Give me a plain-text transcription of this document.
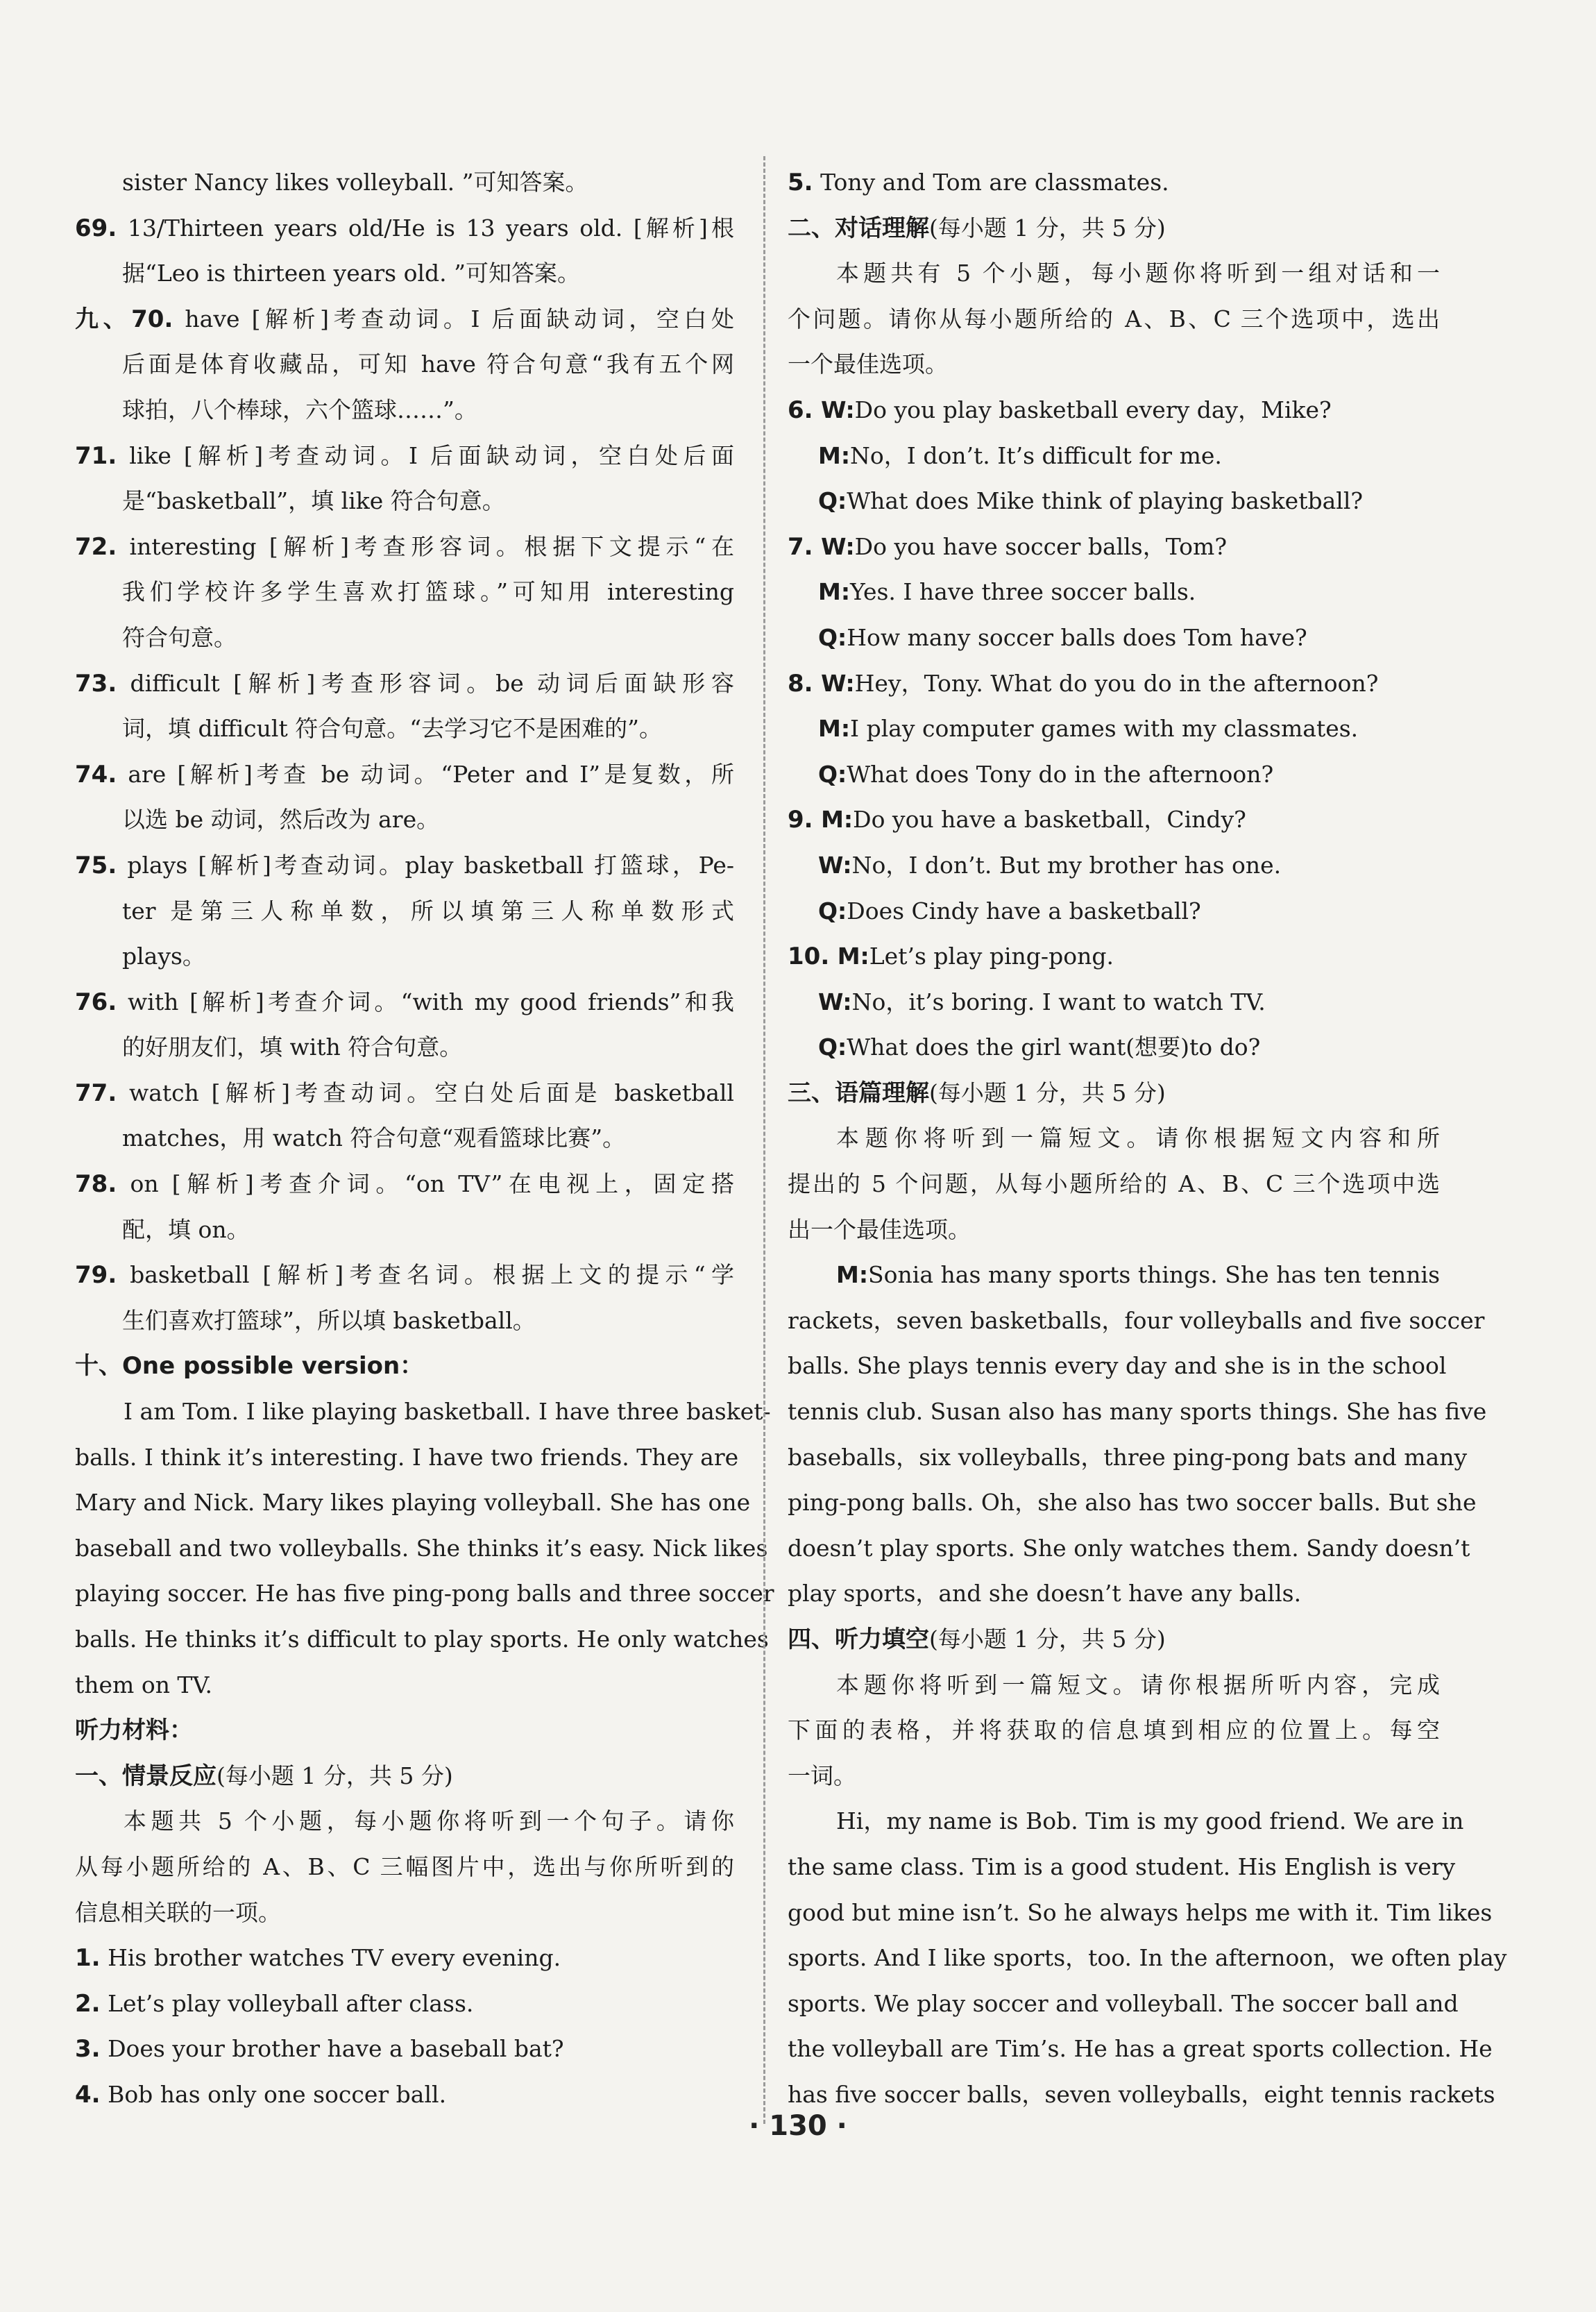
sister Nancy likes volleyball. ”可知答案。
69. 13/Thirteen years old/He is 13 years old. [解析]根
据“Leo is thirteen years old. ”可知答案。
九、70. have [解析]考查动词。I 后面缺动词，空白处
后面是体育收藏品，可知 have 符合句意“我有五个网
球拍，八个棒球，六个篮球……”。
71. like [解析]考查动词。I 后面缺动词，空白处后面
是“basketball”，填 like 符合句意。
72. interesting [解析]考查形容词。根据下文提示“在
我们学校许多学生喜欢打篮球。”可知用 interesting
符合句意。
73. difficult [解析]考查形容词。be 动词后面缺形容
词，填 difficult 符合句意。“去学习它不是困难的”。
74. are [解析]考查 be 动词。“Peter and I”是复数，所
以选 be 动词，然后改为 are。
75. plays [解析]考查动词。play basketball 打篮球，Pe-
ter 是第三人称单数，所以填第三人称单数形式
plays。
76. with [解析]考查介词。“with my good friends”和我
的好朋友们，填 with 符合句意。
77. watch [解析]考查动词。空白处后面是 basketball
matches，用 watch 符合句意“观看篮球比赛”。
78. on [解析]考查介词。“on TV”在电视上，固定搭
配，填 on。
79. basketball [解析]考查名词。根据上文的提示“学
生们喜欢打篮球”，所以填 basketball。
十、One possible version：
I am Tom. I like playing basketball. I have three basket-
balls. I think it’s interesting. I have two friends. They are
Mary and Nick. Mary likes playing volleyball. She has one
baseball and two volleyballs. She thinks it’s easy. Nick likes
playing soccer. He has five ping-pong balls and three soccer
balls. He thinks it’s difficult to play sports. He only watches
them on TV.
听力材料：
一、情景反应(每小题 1 分，共 5 分)
本题共 5 个小题，每小题你将听到一个句子。请你
从每小题所给的 A、B、C 三幅图片中，选出与你所听到的
信息相关联的一项。
1. His brother watches TV every evening.
2. Let’s play volleyball after class.
3. Does your brother have a baseball bat?
4. Bob has only one soccer ball.
5. Tony and Tom are classmates.
二、对话理解(每小题 1 分，共 5 分)
本题共有 5 个小题，每小题你将听到一组对话和一
个问题。请你从每小题所给的 A、B、C 三个选项中，选出
一个最佳选项。
6. W:Do you play basketball every day，Mike?
M:No，I don’t. It’s difficult for me.
Q:What does Mike think of playing basketball?
7. W:Do you have soccer balls，Tom?
M:Yes. I have three soccer balls.
Q:How many soccer balls does Tom have?
8. W:Hey，Tony. What do you do in the afternoon?
M:I play computer games with my classmates.
Q:What does Tony do in the afternoon?
9. M:Do you have a basketball，Cindy?
W:No，I don’t. But my brother has one.
Q:Does Cindy have a basketball?
10. M:Let’s play ping-pong.
W:No，it’s boring. I want to watch TV.
Q:What does the girl want(想要)to do?
三、语篇理解(每小题 1 分，共 5 分)
本题你将听到一篇短文。请你根据短文内容和所
提出的 5 个问题，从每小题所给的 A、B、C 三个选项中选
出一个最佳选项。
M:Sonia has many sports things. She has ten tennis
rackets，seven basketballs，four volleyballs and five soccer
balls. She plays tennis every day and she is in the school
tennis club. Susan also has many sports things. She has five
baseballs，six volleyballs，three ping-pong bats and many
ping-pong balls. Oh，she also has two soccer balls. But she
doesn’t play sports. She only watches them. Sandy doesn’t
play sports，and she doesn’t have any balls.
四、听力填空(每小题 1 分，共 5 分)
本题你将听到一篇短文。请你根据所听内容，完成
下面的表格，并将获取的信息填到相应的位置上。每空
一词。
Hi，my name is Bob. Tim is my good friend. We are in
the same class. Tim is a good student. His English is very
good but mine isn’t. So he always helps me with it. Tim likes
sports. And I like sports，too. In the afternoon，we often play
sports. We play soccer and volleyball. The soccer ball and
the volleyball are Tim’s. He has a great sports collection. He
has five soccer balls，seven volleyballs，eight tennis rackets
· 130 ·
